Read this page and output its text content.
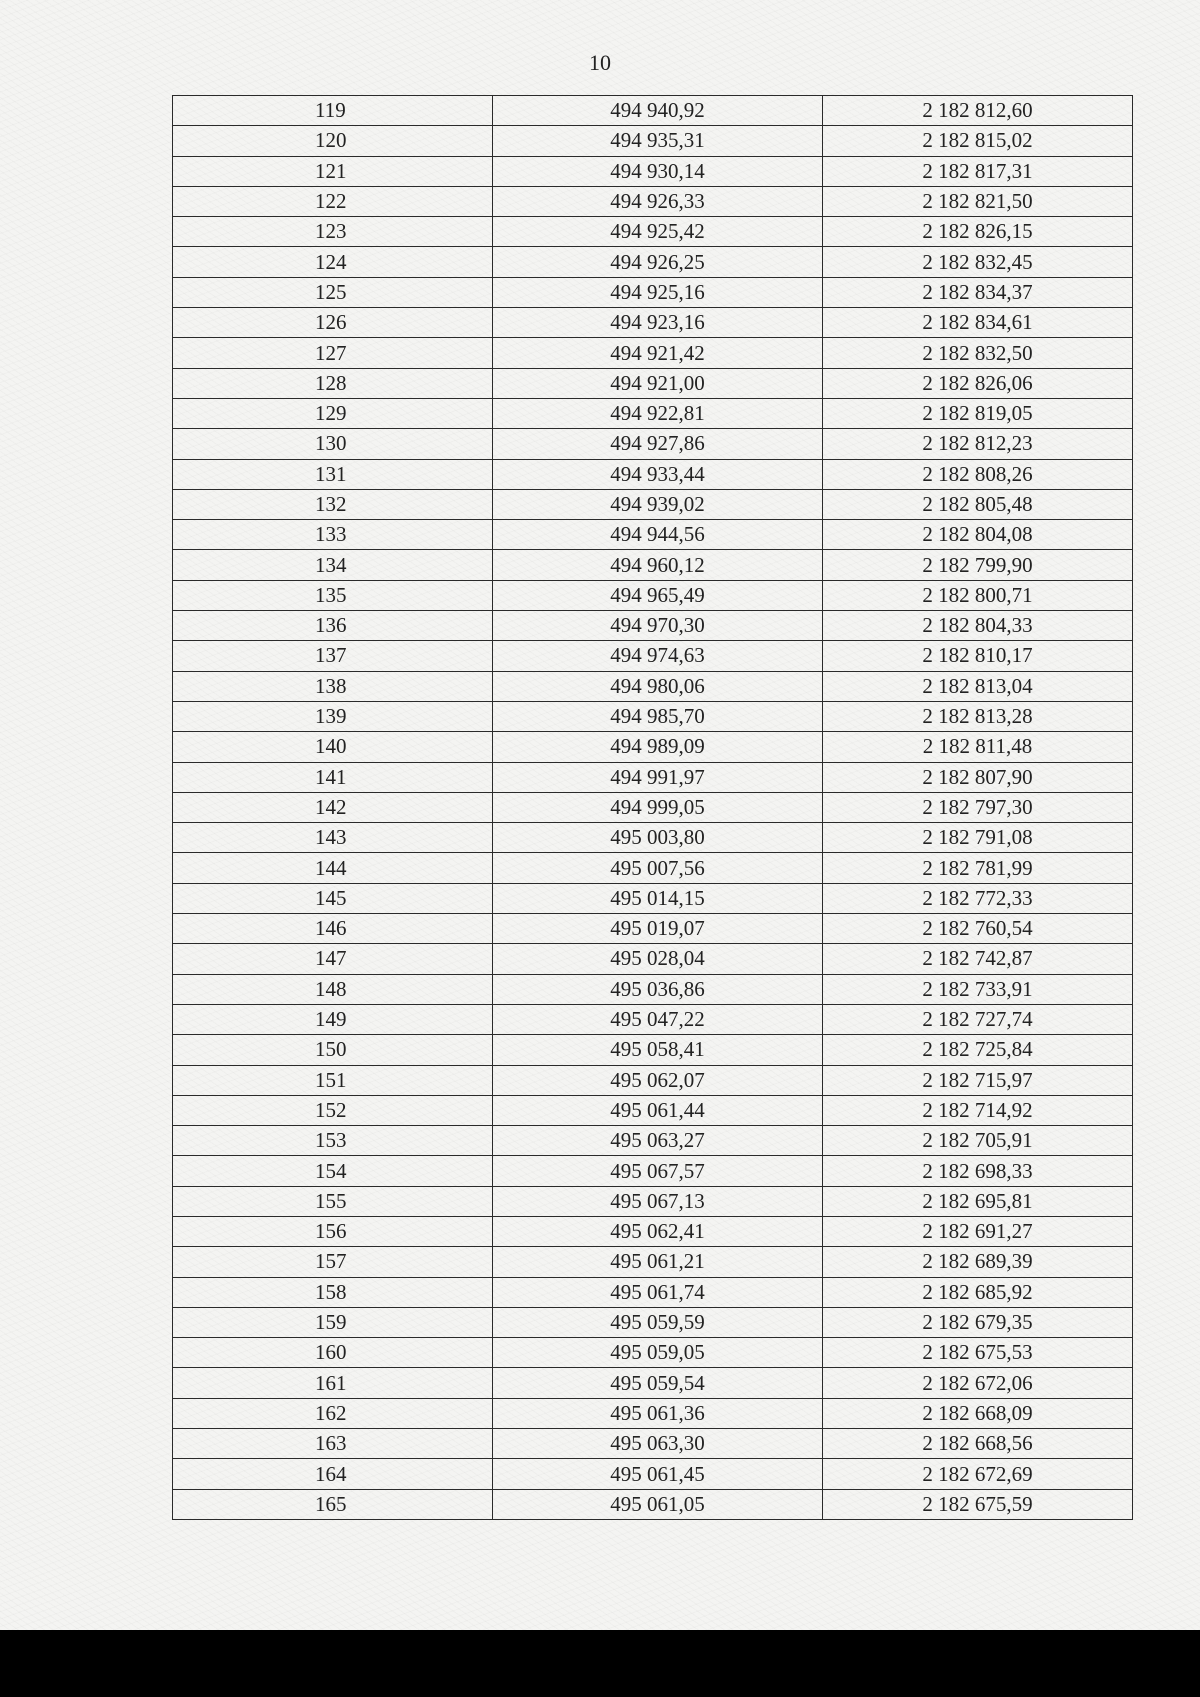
10
119	494 940,92	2 182 812,60
120	494 935,31	2 182 815,02
121	494 930,14	2 182 817,31
122	494 926,33	2 182 821,50
123	494 925,42	2 182 826,15
124	494 926,25	2 182 832,45
125	494 925,16	2 182 834,37
126	494 923,16	2 182 834,61
127	494 921,42	2 182 832,50
128	494 921,00	2 182 826,06
129	494 922,81	2 182 819,05
130	494 927,86	2 182 812,23
131	494 933,44	2 182 808,26
132	494 939,02	2 182 805,48
133	494 944,56	2 182 804,08
134	494 960,12	2 182 799,90
135	494 965,49	2 182 800,71
136	494 970,30	2 182 804,33
137	494 974,63	2 182 810,17
138	494 980,06	2 182 813,04
139	494 985,70	2 182 813,28
140	494 989,09	2 182 811,48
141	494 991,97	2 182 807,90
142	494 999,05	2 182 797,30
143	495 003,80	2 182 791,08
144	495 007,56	2 182 781,99
145	495 014,15	2 182 772,33
146	495 019,07	2 182 760,54
147	495 028,04	2 182 742,87
148	495 036,86	2 182 733,91
149	495 047,22	2 182 727,74
150	495 058,41	2 182 725,84
151	495 062,07	2 182 715,97
152	495 061,44	2 182 714,92
153	495 063,27	2 182 705,91
154	495 067,57	2 182 698,33
155	495 067,13	2 182 695,81
156	495 062,41	2 182 691,27
157	495 061,21	2 182 689,39
158	495 061,74	2 182 685,92
159	495 059,59	2 182 679,35
160	495 059,05	2 182 675,53
161	495 059,54	2 182 672,06
162	495 061,36	2 182 668,09
163	495 063,30	2 182 668,56
164	495 061,45	2 182 672,69
165	495 061,05	2 182 675,59
